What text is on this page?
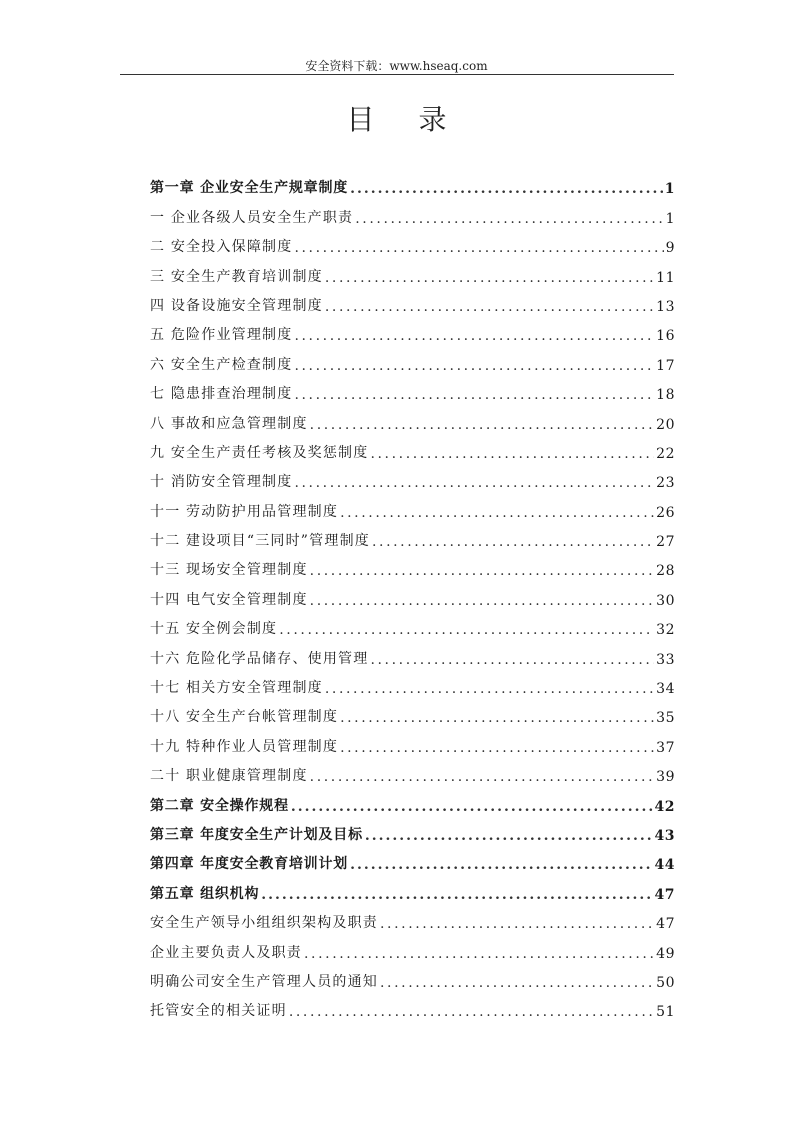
安全资料下载：www.hseaq.com
目录
第一章 企业安全生产规章制度 .....	1
一 企业各级人员安全生产职责 .....	1
二 安全投入保障制度 .....	9
三 安全生产教育培训制度 .....	11
四 设备设施安全管理制度 .....	13
五 危险作业管理制度 .....	16
六 安全生产检查制度 .....	17
七 隐患排查治理制度 .....	18
八 事故和应急管理制度 .....	20
九 安全生产责任考核及奖惩制度 .....	22
十 消防安全管理制度 .....	23
十一 劳动防护用品管理制度 .....	26
十二 建设项目“三同时”管理制度 .....	27
十三 现场安全管理制度 .....	28
十四 电气安全管理制度 .....	30
十五 安全例会制度 .....	32
十六 危险化学品储存、使用管理 .....	33
十七 相关方安全管理制度 .....	34
十八 安全生产台帐管理制度 .....	35
十九 特种作业人员管理制度 .....	37
二十 职业健康管理制度 .....	39
第二章 安全操作规程 .....	42
第三章 年度安全生产计划及目标 .....	43
第四章 年度安全教育培训计划 .....	44
第五章 组织机构 .....	47
安全生产领导小组组织架构及职责 .....	47
企业主要负责人及职责 .....	49
明确公司安全生产管理人员的通知 .....	50
托管安全的相关证明 .....	51
